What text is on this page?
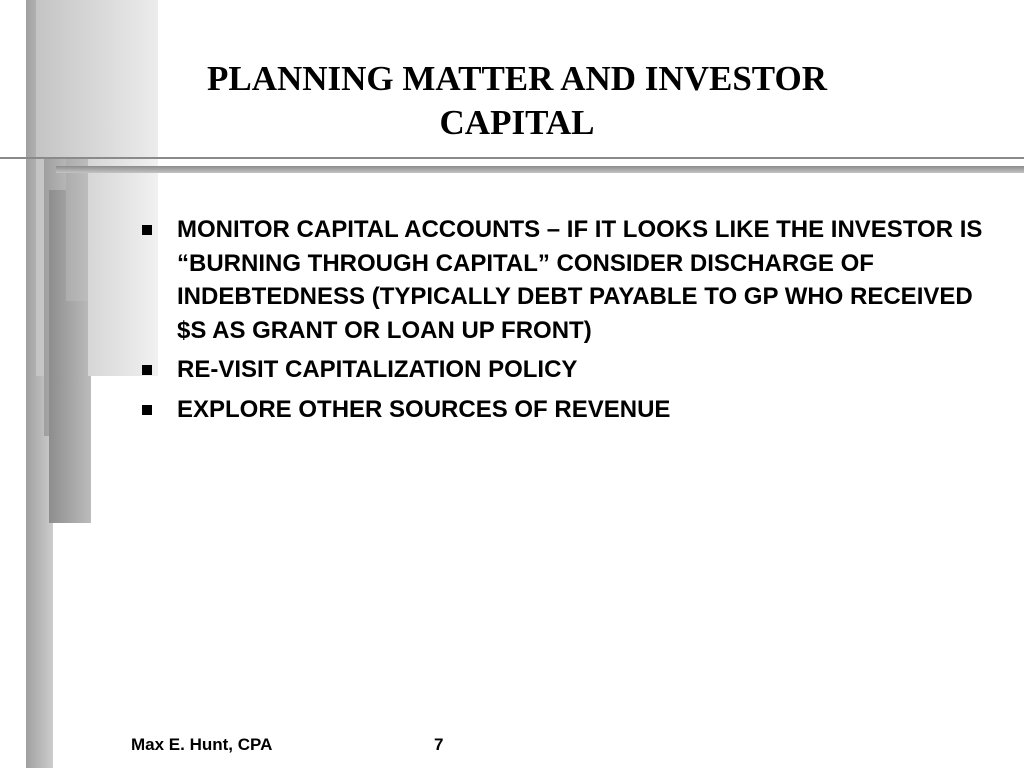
PLANNING MATTER AND INVESTOR CAPITAL
MONITOR CAPITAL ACCOUNTS – IF IT LOOKS LIKE THE INVESTOR IS “BURNING THROUGH CAPITAL” CONSIDER DISCHARGE OF INDEBTEDNESS (TYPICALLY DEBT PAYABLE TO GP WHO RECEIVED $S AS GRANT OR LOAN UP FRONT)
RE-VISIT CAPITALIZATION POLICY
EXPLORE OTHER SOURCES OF REVENUE
Max E. Hunt, CPA	7
